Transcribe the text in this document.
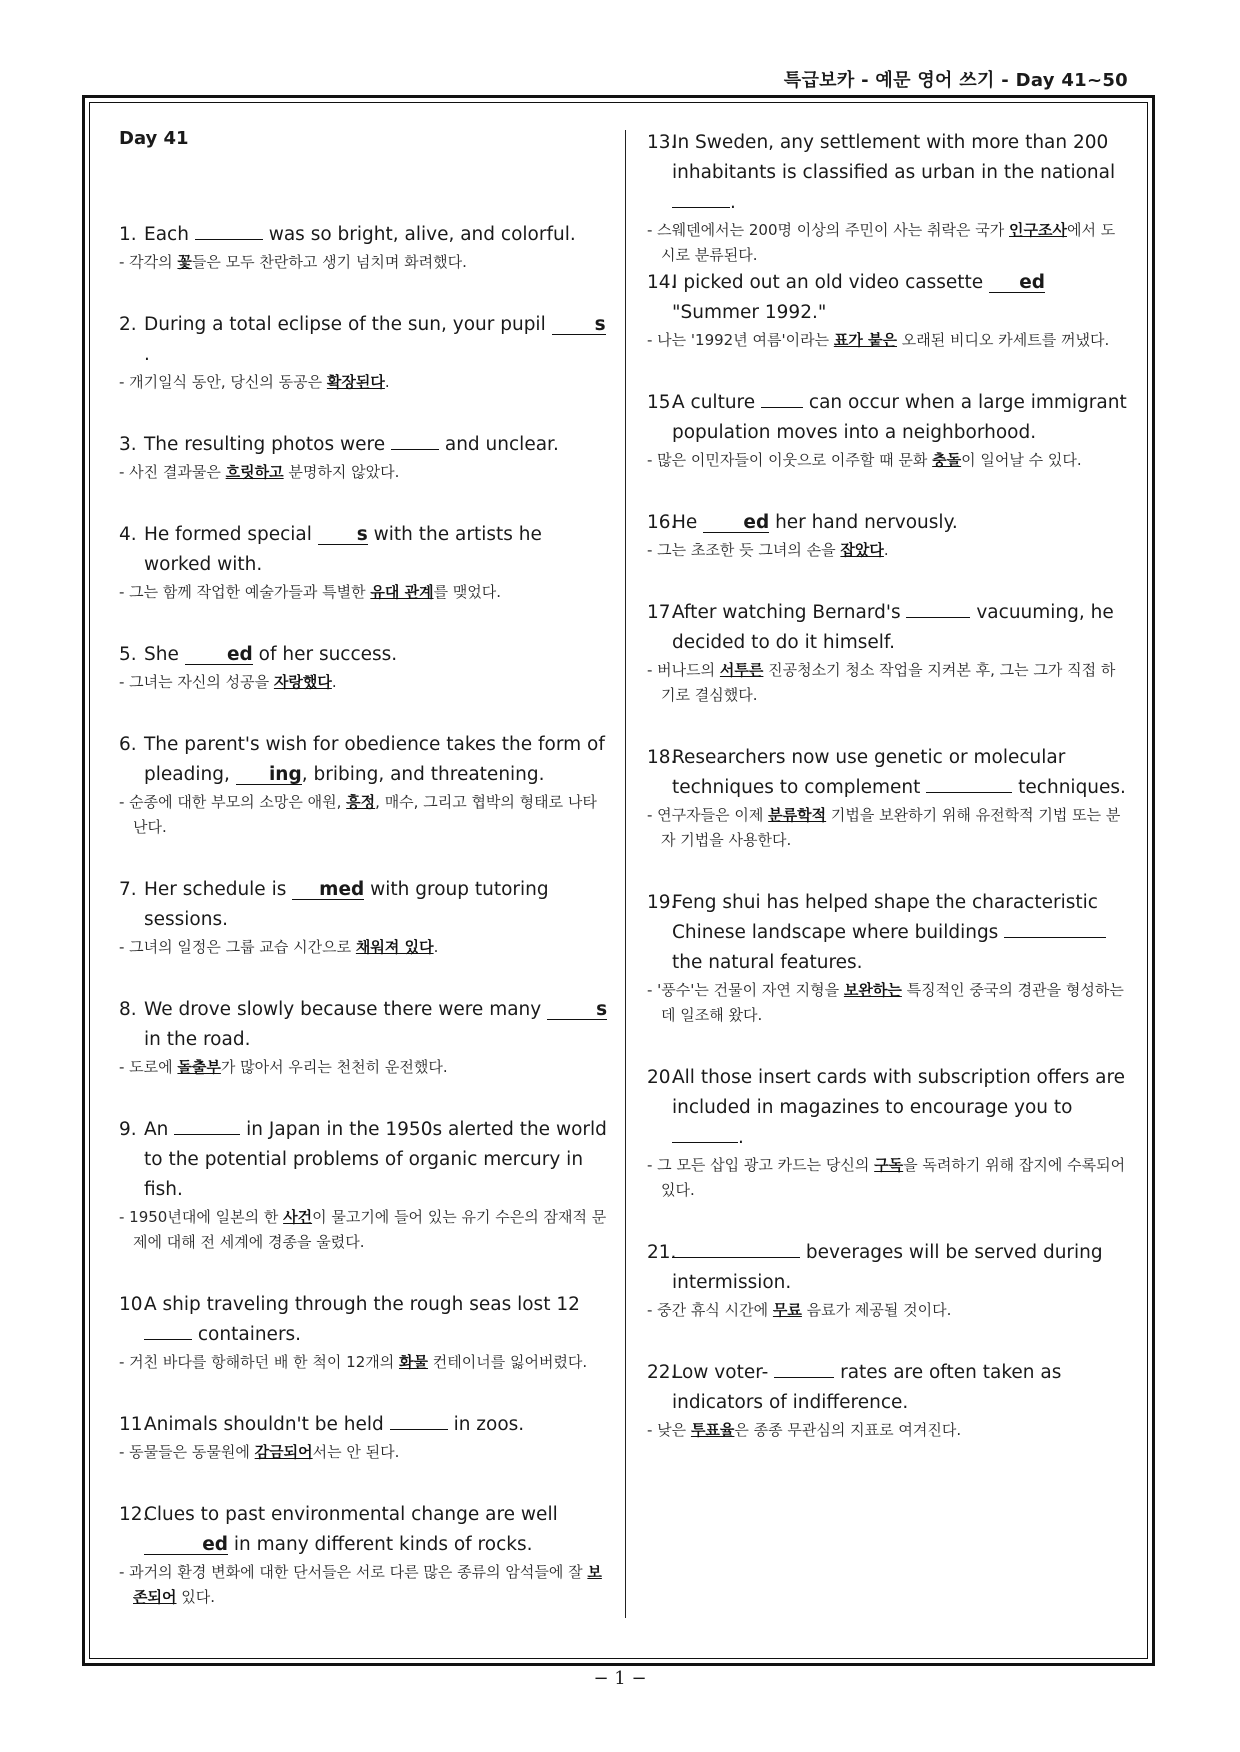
특급보카 - 예문 영어 쓰기 - Day 41~50
Day 41
1. Each	was so bright, alive, and colorful.
- 각각의 꽃들은 모두 찬란하고 생기 넘치며 화려했다.
2. During a total eclipse of the sun, your pupil	s.
- 개기일식 동안, 당신의 동공은 확장된다.
3. The resulting photos were	and unclear.
- 사진 결과물은 흐릿하고 분명하지 않았다.
4. He formed special s with the artists he worked with.
- 그는 함께 작업한 예술가들과 특별한 유대 관계를 맺었다.
5. She	ed of her success.
- 그녀는 자신의 성공을 자랑했다.
6. The parent's wish for obedience takes the form of pleading, ing, bribing, and threatening.
- 순종에 대한 부모의 소망은 애원, 흥정, 매수, 그리고 협박의 형태로 나타난다.
7. Her schedule is med with group tutoring sessions.
- 그녀의 일정은 그룹 교습 시간으로 채워져 있다.
8. We drove slowly because there were many	s in the road.
- 도로에 돌출부가 많아서 우리는 천천히 운전했다.
9. An	in Japan in the 1950s alerted the world to the potential problems of organic mercury in fish.
- 1950년대에 일본의 한 사건이 물고기에 들어 있는 유기 수은의 잠재적 문제에 대해 전 세계에 경종을 울렸다.
10.A ship traveling through the rough seas lost 12  containers.
- 거친 바다를 항해하던 배 한 척이 12개의 화물 컨테이너를 잃어버렸다.
11.Animals shouldn't be held	in zoos.
- 동물들은 동물원에 감금되어서는 안 된다.
12.Clues to past environmental change are well ed in many different kinds of rocks.
- 과거의 환경 변화에 대한 단서들은 서로 다른 많은 종류의 암석들에 잘 보존되어 있다.
13.In Sweden, any settlement with more than 200 inhabitants is classified as urban in the national .
- 스웨덴에서는 200명 이상의 주민이 사는 취락은 국가 인구조사에서 도시로 분류된다.
14.I picked out an old video cassette ed "Summer 1992."
- 나는 '1992년 여름'이라는 표가 붙은 오래된 비디오 카세트를 꺼냈다.
15.A culture	can occur when a large immigrant population moves into a neighborhood.
- 많은 이민자들이 이웃으로 이주할 때 문화 충돌이 일어날 수 있다.
16.He ed her hand nervously.
- 그는 초조한 듯 그녀의 손을 잡았다.
17.After watching Bernard's	vacuuming, he decided to do it himself.
- 버나드의 서투른 진공청소기 청소 작업을 지켜본 후, 그는 그가 직접 하기로 결심했다.
18.Researchers now use genetic or molecular techniques to complement	techniques.
- 연구자들은 이제 분류학적 기법을 보완하기 위해 유전학적 기법 또는 분자 기법을 사용한다.
19.Feng shui has helped shape the characteristic Chinese landscape where buildings  the natural features.
- '풍수'는 건물이 자연 지형을 보완하는 특징적인 중국의 경관을 형성하는 데 일조해 왔다.
20.All those insert cards with subscription offers are included in magazines to encourage you to .
- 그 모든 삽입 광고 카드는 당신의 구독을 독려하기 위해 잡지에 수록되어 있다.
21.	beverages will be served during intermission.
- 중간 휴식 시간에 무료 음료가 제공될 것이다.
22.Low voter-	rates are often taken as indicators of indifference.
- 낮은 투표율은 종종 무관심의 지표로 여겨진다.
− 1 −
